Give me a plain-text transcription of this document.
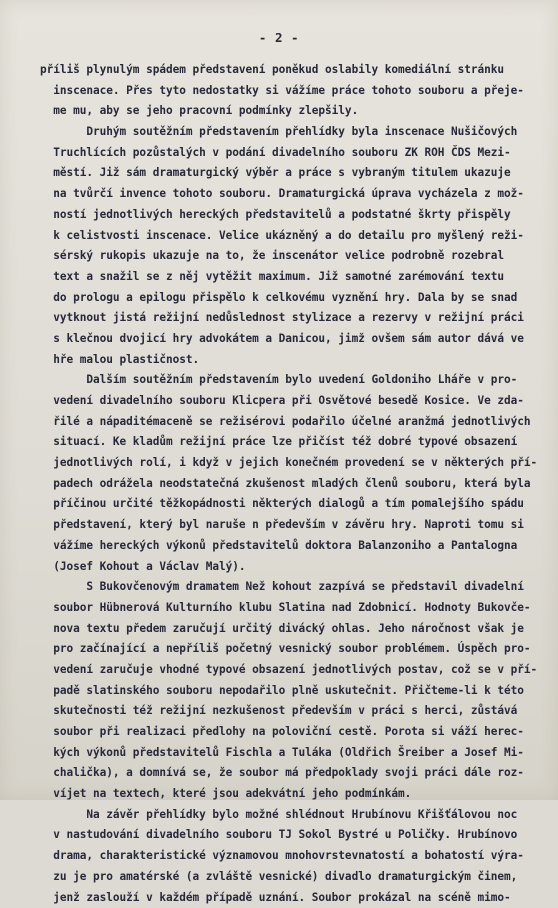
- 2 -
příliš plynulým spádem představení poněkud oslabily komediální stránku
inscenace. Přes tyto nedostatky si vážíme práce tohoto souboru a přeje-
me mu, aby se jeho pracovní podmínky zlepšily.
Druhým soutěžním představením přehlídky byla inscenace Nušičových
Truchlících pozůstalých v podání divadelního souboru ZK ROH ČDS Mezi-
městí. Již sám dramaturgický výběr a práce s vybraným titulem ukazuje
na tvůrčí invence tohoto souboru. Dramaturgická úprava vycházela z mož-
ností jednotlivých hereckých představitelů a podstatné škrty přispěly
k celistvosti inscenace. Velice ukázněný a do detailu pro myšlený reži-
sérský rukopis ukazuje na to, že inscenátor velice podrobně rozebral
text a snažil se z něj vytěžit maximum. Již samotné zarémování textu
do prologu a epilogu přispělo k celkovému vyznění hry. Dala by se snad
vytknout jistá režijní nedůslednost stylizace a rezervy v režijní práci
s klečnou dvojicí hry advokátem a Danicou, jimž ovšem sám autor dává ve
hře malou plastičnost.
Dalším soutěžním představením bylo uvedení Goldoniho Lháře v pro-
vedení divadelního souboru Klicpera při Osvětové besedě Kosice. Ve zda-
řilé a nápaditémaceně se režisérovi podařilo účelné aranžmá jednotlivých
situací. Ke kladům režijní práce lze přičíst též dobré typové obsazení
jednotlivých rolí, i když v jejich konečném provedení se v některých pří-
padech odrážela neodstatečná zkušenost mladých členů souboru, která byla
příčinou určité těžkopádnosti některých dialogů a tím pomalejšího spádu
představení, který byl naruše n především v závěru hry. Naproti tomu si
vážíme hereckých výkonů představitelů doktora Balanzoniho a Pantalogna
(Josef Kohout a Václav Malý).
S Bukovčenovým dramatem Než kohout zazpívá se představil divadelní
soubor Hübnerová Kulturního klubu Slatina nad Zdobnicí. Hodnoty Bukovče-
nova textu předem zaručují určitý divácký ohlas. Jeho náročnost však je
pro začínající a nepříliš početný vesnický soubor problémem. Úspěch pro-
vedení zaručuje vhodné typové obsazení jednotlivých postav, což se v pří-
padě slatinského souboru nepodařilo plně uskutečnit. Přičteme-li k této
skutečnosti též režijní nezkušenost především v práci s herci, zůstává
soubor při realizaci předlohy na poloviční cestě. Porota si váží herec-
kých výkonů představitelů Fischla a Tuláka (Oldřich Šreiber a Josef Mi-
chalička), a domnívá se, že soubor má předpoklady svoji práci dále roz-
víjet na textech, které jsou adekvátní jeho podmínkám.
Na závěr přehlídky bylo možné shlédnout Hrubínovu Křišťálovou noc
v nastudování divadelního souboru TJ Sokol Bystré u Poličky. Hrubínovo
drama, charakteristické významovou mnohovrstevnatostí a bohatostí výra-
zu je pro amatérské (a zvláště vesnické) divadlo dramaturgickým činem,
jenž zaslouží v každém případě uznání. Soubor prokázal na scéně mimo-
